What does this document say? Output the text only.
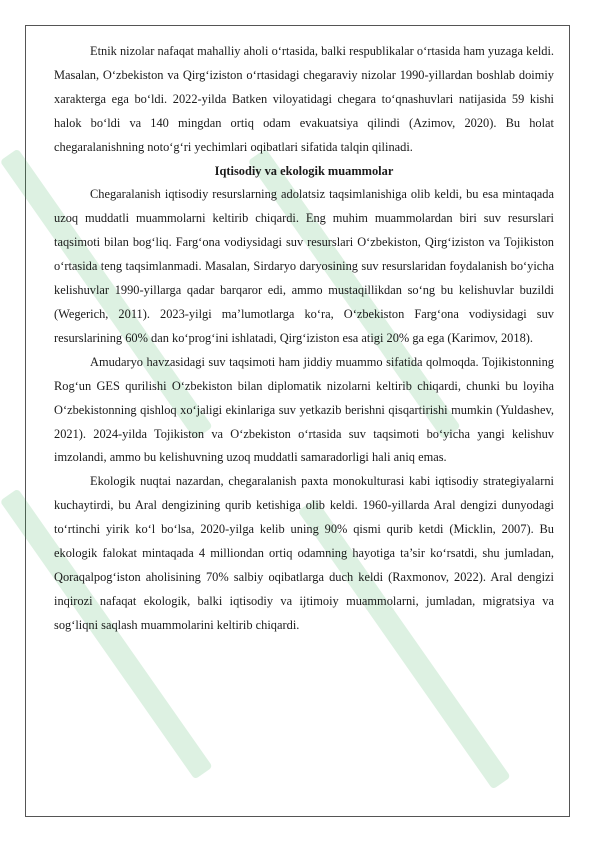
Etnik nizolar nafaqat mahalliy aholi o‘rtasida, balki respublikalar o‘rtasida ham yuzaga keldi. Masalan, O‘zbekiston va Qirg‘iziston o‘rtasidagi chegaraviy nizolar 1990-yillardan boshlab doimiy xarakterga ega bo‘ldi. 2022-yilda Batken viloyatidagi chegara to‘qnashuvlari natijasida 59 kishi halok bo‘ldi va 140 mingdan ortiq odam evakuatsiya qilindi (Azimov, 2020). Bu holat chegaralanishning noto‘g‘ri yechimlari oqibatlari sifatida talqin qilinadi.

Iqtisodiy va ekologik muammolar

Chegaralanish iqtisodiy resurslarning adolatsiz taqsimlanishiga olib keldi, bu esa mintaqada uzoq muddatli muammolarni keltirib chiqardi. Eng muhim muammolardan biri suv resurslari taqsimoti bilan bog‘liq. Farg‘ona vodiysidagi suv resurslari O‘zbekiston, Qirg‘iziston va Tojikiston o‘rtasida teng taqsimlanmadi. Masalan, Sirdaryo daryosining suv resurslaridan foydalanish bo‘yicha kelishuvlar 1990-yillarga qadar barqaror edi, ammo mustaqillikdan so‘ng bu kelishuvlar buzildi (Wegerich, 2011). 2023-yilgi ma’lumotlarga ko‘ra, O‘zbekiston Farg‘ona vodiysidagi suv resurslarining 60% dan ko‘prog‘ini ishlatadi, Qirg‘iziston esa atigi 20% ga ega (Karimov, 2018).

Amudaryo havzasidagi suv taqsimoti ham jiddiy muammo sifatida qolmoqda. Tojikistonning Rog‘un GES qurilishi O‘zbekiston bilan diplomatik nizolarni keltirib chiqardi, chunki bu loyiha O‘zbekistonning qishloq xo‘jaligi ekinlariga suv yetkazib berishni qisqartirishi mumkin (Yuldashev, 2021). 2024-yilda Tojikiston va O‘zbekiston o‘rtasida suv taqsimoti bo‘yicha yangi kelishuv imzolandi, ammo bu kelishuvning uzoq muddatli samaradorligi hali aniq emas.

Ekologik nuqtai nazardan, chegaralanish paxta monokulturasi kabi iqtisodiy strategiyalarni kuchaytirdi, bu Aral dengizining qurib ketishiga olib keldi. 1960-yillarda Aral dengizi dunyodagi to‘rtinchi yirik ko‘l bo‘lsa, 2020-yilga kelib uning 90% qismi qurib ketdi (Micklin, 2007). Bu ekologik falokat mintaqada 4 milliondan ortiq odamning hayotiga ta’sir ko‘rsatdi, shu jumladan, Qoraqalpog‘iston aholisining 70% salbiy oqibatlarga duch keldi (Raxmonov, 2022). Aral dengizi inqirozi nafaqat ekologik, balki iqtisodiy va ijtimoiy muammolarni, jumladan, migratsiya va sog‘liqni saqlash muammolarini keltirib chiqardi.
